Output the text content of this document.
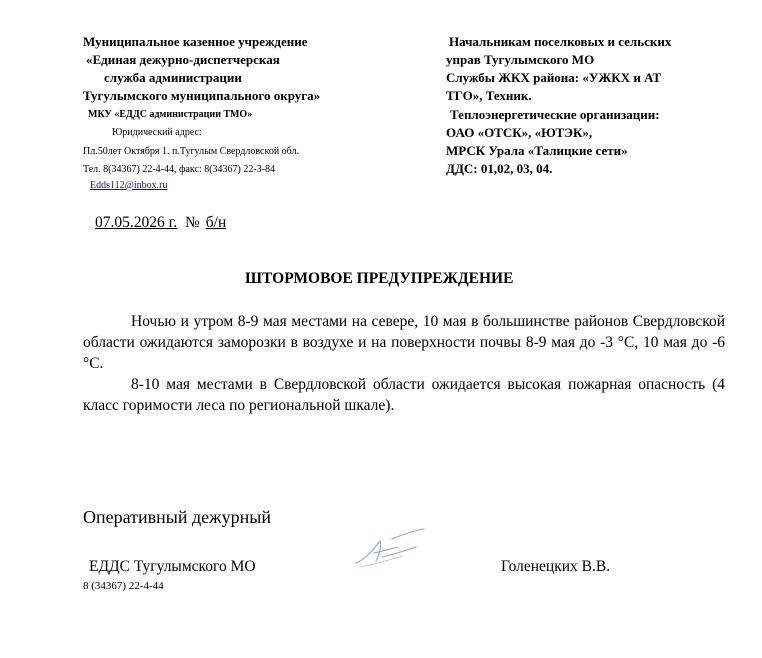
Муниципальное казенное учреждение
«Единая дежурно-диспетчерская
служба администрации
Тугулымского муниципального округа»
МКУ «ЕДДС администрации ТМО»
Юридический адрес:
Пл.50лет Октября 1. п.Тугулым Свердловской обл.
Тел. 8(34367) 22-4-44, факс: 8(34367) 22-3-84
Edds112@inbox.ru
Начальникам поселковых и сельских
управ Тугулымского МО
Службы ЖКХ района: «УЖКХ и АТ
ТГО», Техник.
Теплоэнергетические организации:
ОАО «ОТСК», «ЮТЭК»,
МРСК Урала «Талицкие сети»
ДДС: 01,02, 03, 04.
07.05.2026 г. № б/н
ШТОРМОВОЕ ПРЕДУПРЕЖДЕНИЕ
Ночью и утром 8-9 мая местами на севере, 10 мая в большинстве районов Свердловской области ожидаются заморозки в воздухе и на поверхности почвы 8-9 мая до -3 °С, 10 мая до -6 °С.
8-10 мая местами в Свердловской области ожидается высокая пожарная опасность (4 класс горимости леса по региональной шкале).
Оперативный дежурный
ЕДДС Тугулымского МО
8 (34367) 22-4-44
Голенецких В.В.
